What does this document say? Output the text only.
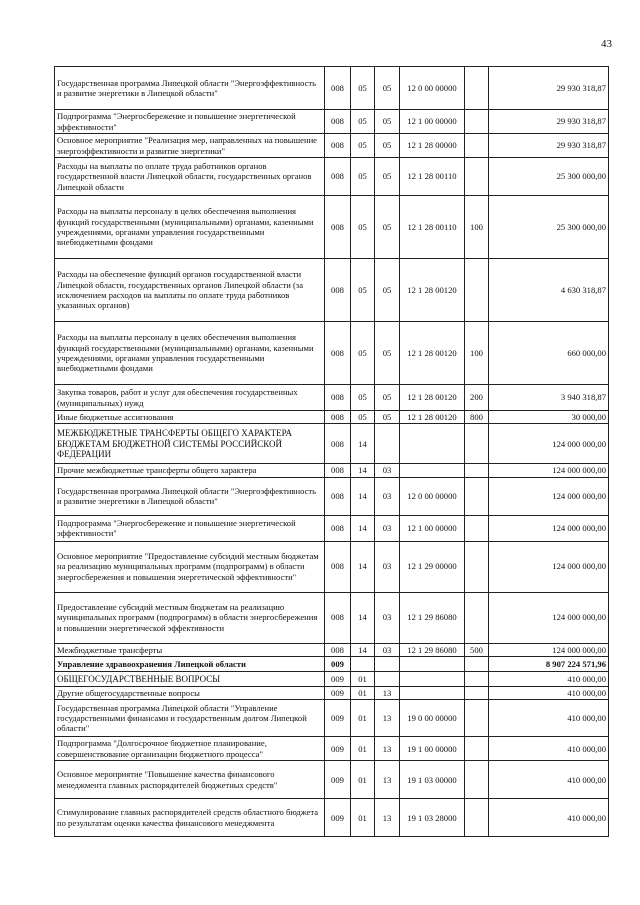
43
Государственная программа Липецкой области "Энергоэффективность и развитие энергетики в Липецкой области"	008	05	05	12 0 00 00000		29 930 318,87
Подпрограмма "Энергосбережение и повышение энергетической эффективности"	008	05	05	12 1 00 00000		29 930 318,87
Основное мероприятие "Реализация мер, направленных на повышение энергоэффективности и развитие энергетики"	008	05	05	12 1 28 00000		29 930 318,87
Расходы на выплаты по оплате труда работников органов государственной власти Липецкой области, государственных органов Липецкой области	008	05	05	12 1 28 00110		25 300 000,00
Расходы на выплаты персоналу в целях обеспечения выполнения функций государственными (муниципальными) органами, казенными учреждениями, органами управления государственными внебюджетными фондами	008	05	05	12 1 28 00110	100	25 300 000,00
Расходы на обеспечение функций органов государственной власти Липецкой области, государственных органов Липецкой области (за исключением расходов на выплаты по оплате труда работников указанных органов)	008	05	05	12 1 28 00120		4 630 318,87
Расходы на выплаты персоналу в целях обеспечения выполнения функций государственными (муниципальными) органами, казенными учреждениями, органами управления государственными внебюджетными фондами	008	05	05	12 1 28 00120	100	660 000,00
Закупка товаров, работ и услуг для обеспечения государственных (муниципальных) нужд	008	05	05	12 1 28 00120	200	3 940 318,87
Иные бюджетные ассигнования	008	05	05	12 1 28 00120	800	30 000,00
МЕЖБЮДЖЕТНЫЕ ТРАНСФЕРТЫ ОБЩЕГО ХАРАКТЕРА БЮДЖЕТАМ БЮДЖЕТНОЙ СИСТЕМЫ РОССИЙСКОЙ ФЕДЕРАЦИИ	008	14				124 000 000,00
Прочие межбюджетные трансферты общего характера	008	14	03			124 000 000,00
Государственная программа Липецкой области "Энергоэффективность и развитие энергетики в Липецкой области"	008	14	03	12 0 00 00000		124 000 000,00
Подпрограмма "Энергосбережение и повышение энергетической эффективности"	008	14	03	12 1 00 00000		124 000 000,00
Основное мероприятие "Предоставление субсидий местным бюджетам на реализацию муниципальных программ (подпрограмм) в области энергосбережения и повышения энергетической эффективности"	008	14	03	12 1 29 00000		124 000 000,00
Предоставление субсидий местным бюджетам на реализацию муниципальных программ (подпрограмм) в области энергосбережения и повышении энергетической эффективности	008	14	03	12 1 29 86080		124 000 000,00
Межбюджетные трансферты	008	14	03	12 1 29 86080	500	124 000 000,00
Управление здравоохранения Липецкой области	009					8 907 224 571,96
ОБЩЕГОСУДАРСТВЕННЫЕ ВОПРОСЫ	009	01				410 000,00
Другие общегосударственные вопросы	009	01	13			410 000,00
Государственная программа Липецкой области "Управление государственными финансами и государственным долгом Липецкой области"	009	01	13	19 0 00 00000		410 000,00
Подпрограмма "Долгосрочное бюджетное планирование, совершенствование организации бюджетного процесса"	009	01	13	19 1 00 00000		410 000,00
Основное мероприятие "Повышение качества финансового менеджмента главных распорядителей бюджетных средств"	009	01	13	19 1 03 00000		410 000,00
Стимулирование главных распорядителей средств областного бюджета по результатам оценки качества финансового менеджмента	009	01	13	19 1 03 28000		410 000,00
